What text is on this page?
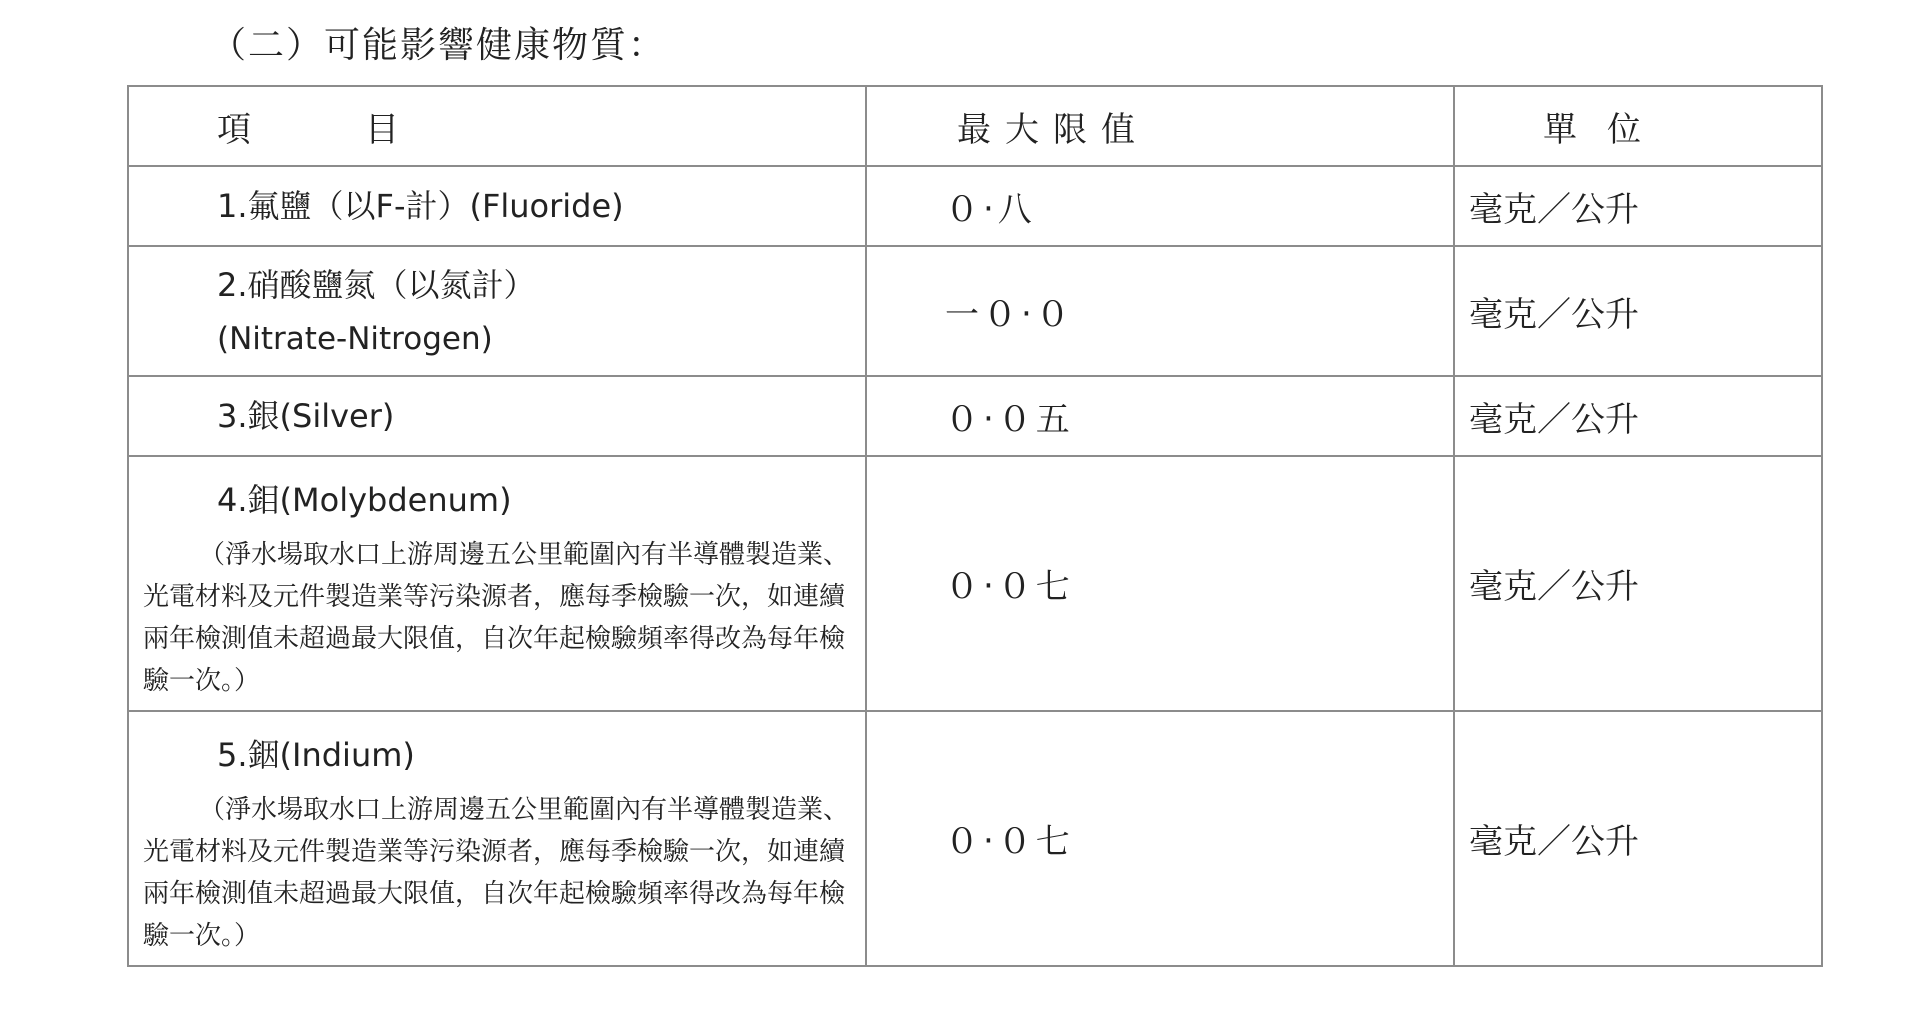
（二）可能影響健康物質：
項　目	最大限值	單位

1.氟鹽（以F-計）(Fluoride)	０‧八	毫克／公升

2.硝酸鹽氮（以氮計）
(Nitrate-Nitrogen)	一０‧０	毫克／公升

3.銀(Silver)	０‧０五	毫克／公升

4.鉬(Molybdenum)
（淨水場取水口上游周邊五公里範圍內有半導體製造業、光電材料及元件製造業等污染源者，應每季檢驗一次，如連續兩年檢測值未超過最大限值，自次年起檢驗頻率得改為每年檢驗一次。）	０‧０七	毫克／公升

5.銦(Indium)
（淨水場取水口上游周邊五公里範圍內有半導體製造業、光電材料及元件製造業等污染源者，應每季檢驗一次，如連續兩年檢測值未超過最大限值，自次年起檢驗頻率得改為每年檢驗一次。）	０‧０七	毫克／公升
